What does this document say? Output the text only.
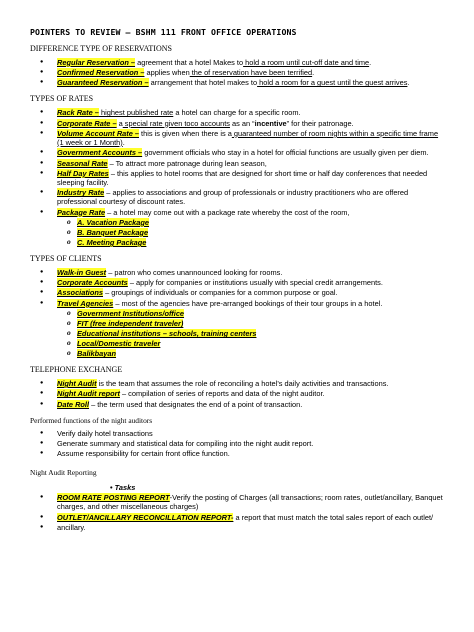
POINTERS TO REVIEW – BSHM 111 FRONT OFFICE OPERATIONS
DIFFERENCE TYPE OF RESERVATIONS
● Regular Reservation – agreement that a hotel Makes to hold a room until cut-off date and time.
● Confirmed Reservation – applies when the of reservation have been terrified.
● Guaranteed Reservation – arrangement that hotel makes to hold a room for a guest until the guest arrives.
TYPES OF RATES
● Rack Rate – highest published rate a hotel can charge for a specific room.
● Corporate Rate – a special rate given toco accounts as an “incentive” for their patronage.
● Volume Account Rate – this is given when there is a guaranteed number of room nights within a specific time frame (1 week or 1 Month).
● Government Accounts – government officials who stay in a hotel for official functions are usually given per diem.
● Seasonal Rate – To attract more patronage during lean season,
● Half Day Rates – this applies to hotel rooms that are designed for short time or half day conferences that needed sleeping facility.
● Industry Rate – applies to associations and group of professionals or industry practitioners who are offered professional courtesy of discount rates.
● Package Rate – a hotel may come out with a package rate whereby the cost of the room,
o A. Vacation Package
o B. Banquet Package
o C. Meeting Package
TYPES OF CLIENTS
● Walk-in Guest – patron who comes unannounced looking for rooms.
● Corporate Accounts – apply for companies or institutions usually with special credit arrangements.
● Associations – groupings of individuals or companies for a common purpose or goal.
● Travel Agencies – most of the agencies have pre-arranged bookings of their tour groups in a hotel.
o Government Institutions/office
o FIT (free independent traveler)
o Educational institutions – schools, training centers
o Local/Domestic traveler
o Balikbayan
TELEPHONE EXCHANGE
● Night Audit is the team that assumes the role of reconciling a hotel’s daily activities and transactions.
● Night Audit report – compilation of series of reports and data of the night auditor.
● Date Roll – the term used that designates the end of a point of transaction.
Performed functions of the night auditors
● Verify daily hotel transactions
● Generate summary and statistical data for compiling into the night audit report.
● Assume responsibility for certain front office function.
Night Audit Reporting
• Tasks
● ROOM RATE POSTING REPORT-Verify the posting of Charges (all transactions; room rates, outlet/ancillary, Banquet charges, and other miscellaneous charges)
● OUTLET/ANCILLARY RECONCILLATION REPORT- a report that must match the total sales report of each outlet/
● ancillary.
